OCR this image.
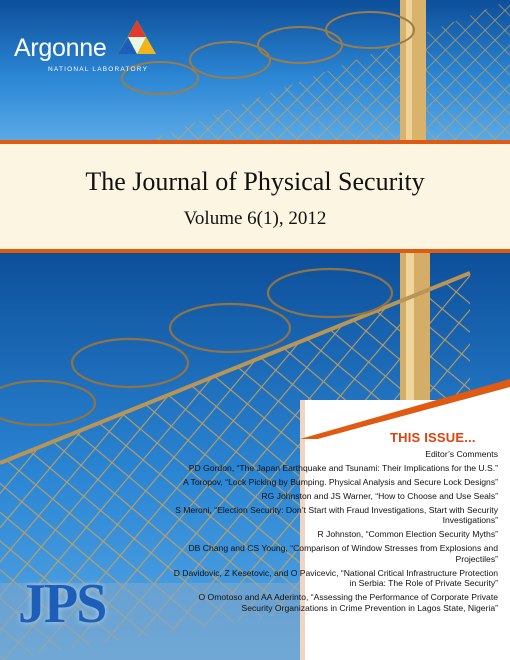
Argonne
NATIONAL LABORATORY
The Journal of Physical Security
Volume 6(1), 2012
THIS ISSUE...
Editor’s Comments
PD Gordon, “The Japan Earthquake and Tsunami: Their Implications for the U.S.”
A Toropov, “Lock Picking by Bumping. Physical Analysis and Secure Lock Designs”
RG Johnston and JS Warner, “How to Choose and Use Seals”
S Meroni, “Election Security: Don’t Start with Fraud Investigations, Start with Security Investigations”
R Johnston, “Common Election Security Myths”
DB Chang and CS Young, “Comparison of Window Stresses from Explosions and Projectiles”
D Davidovic, Z Kesetovic, and O Pavicevic, “National Critical Infrastructure Protection in Serbia: The Role of Private Security”
O Omotoso and AA Aderinto, “Assessing the Performance of Corporate Private Security Organizations in Crime Prevention in Lagos State, Nigeria”
JPS
